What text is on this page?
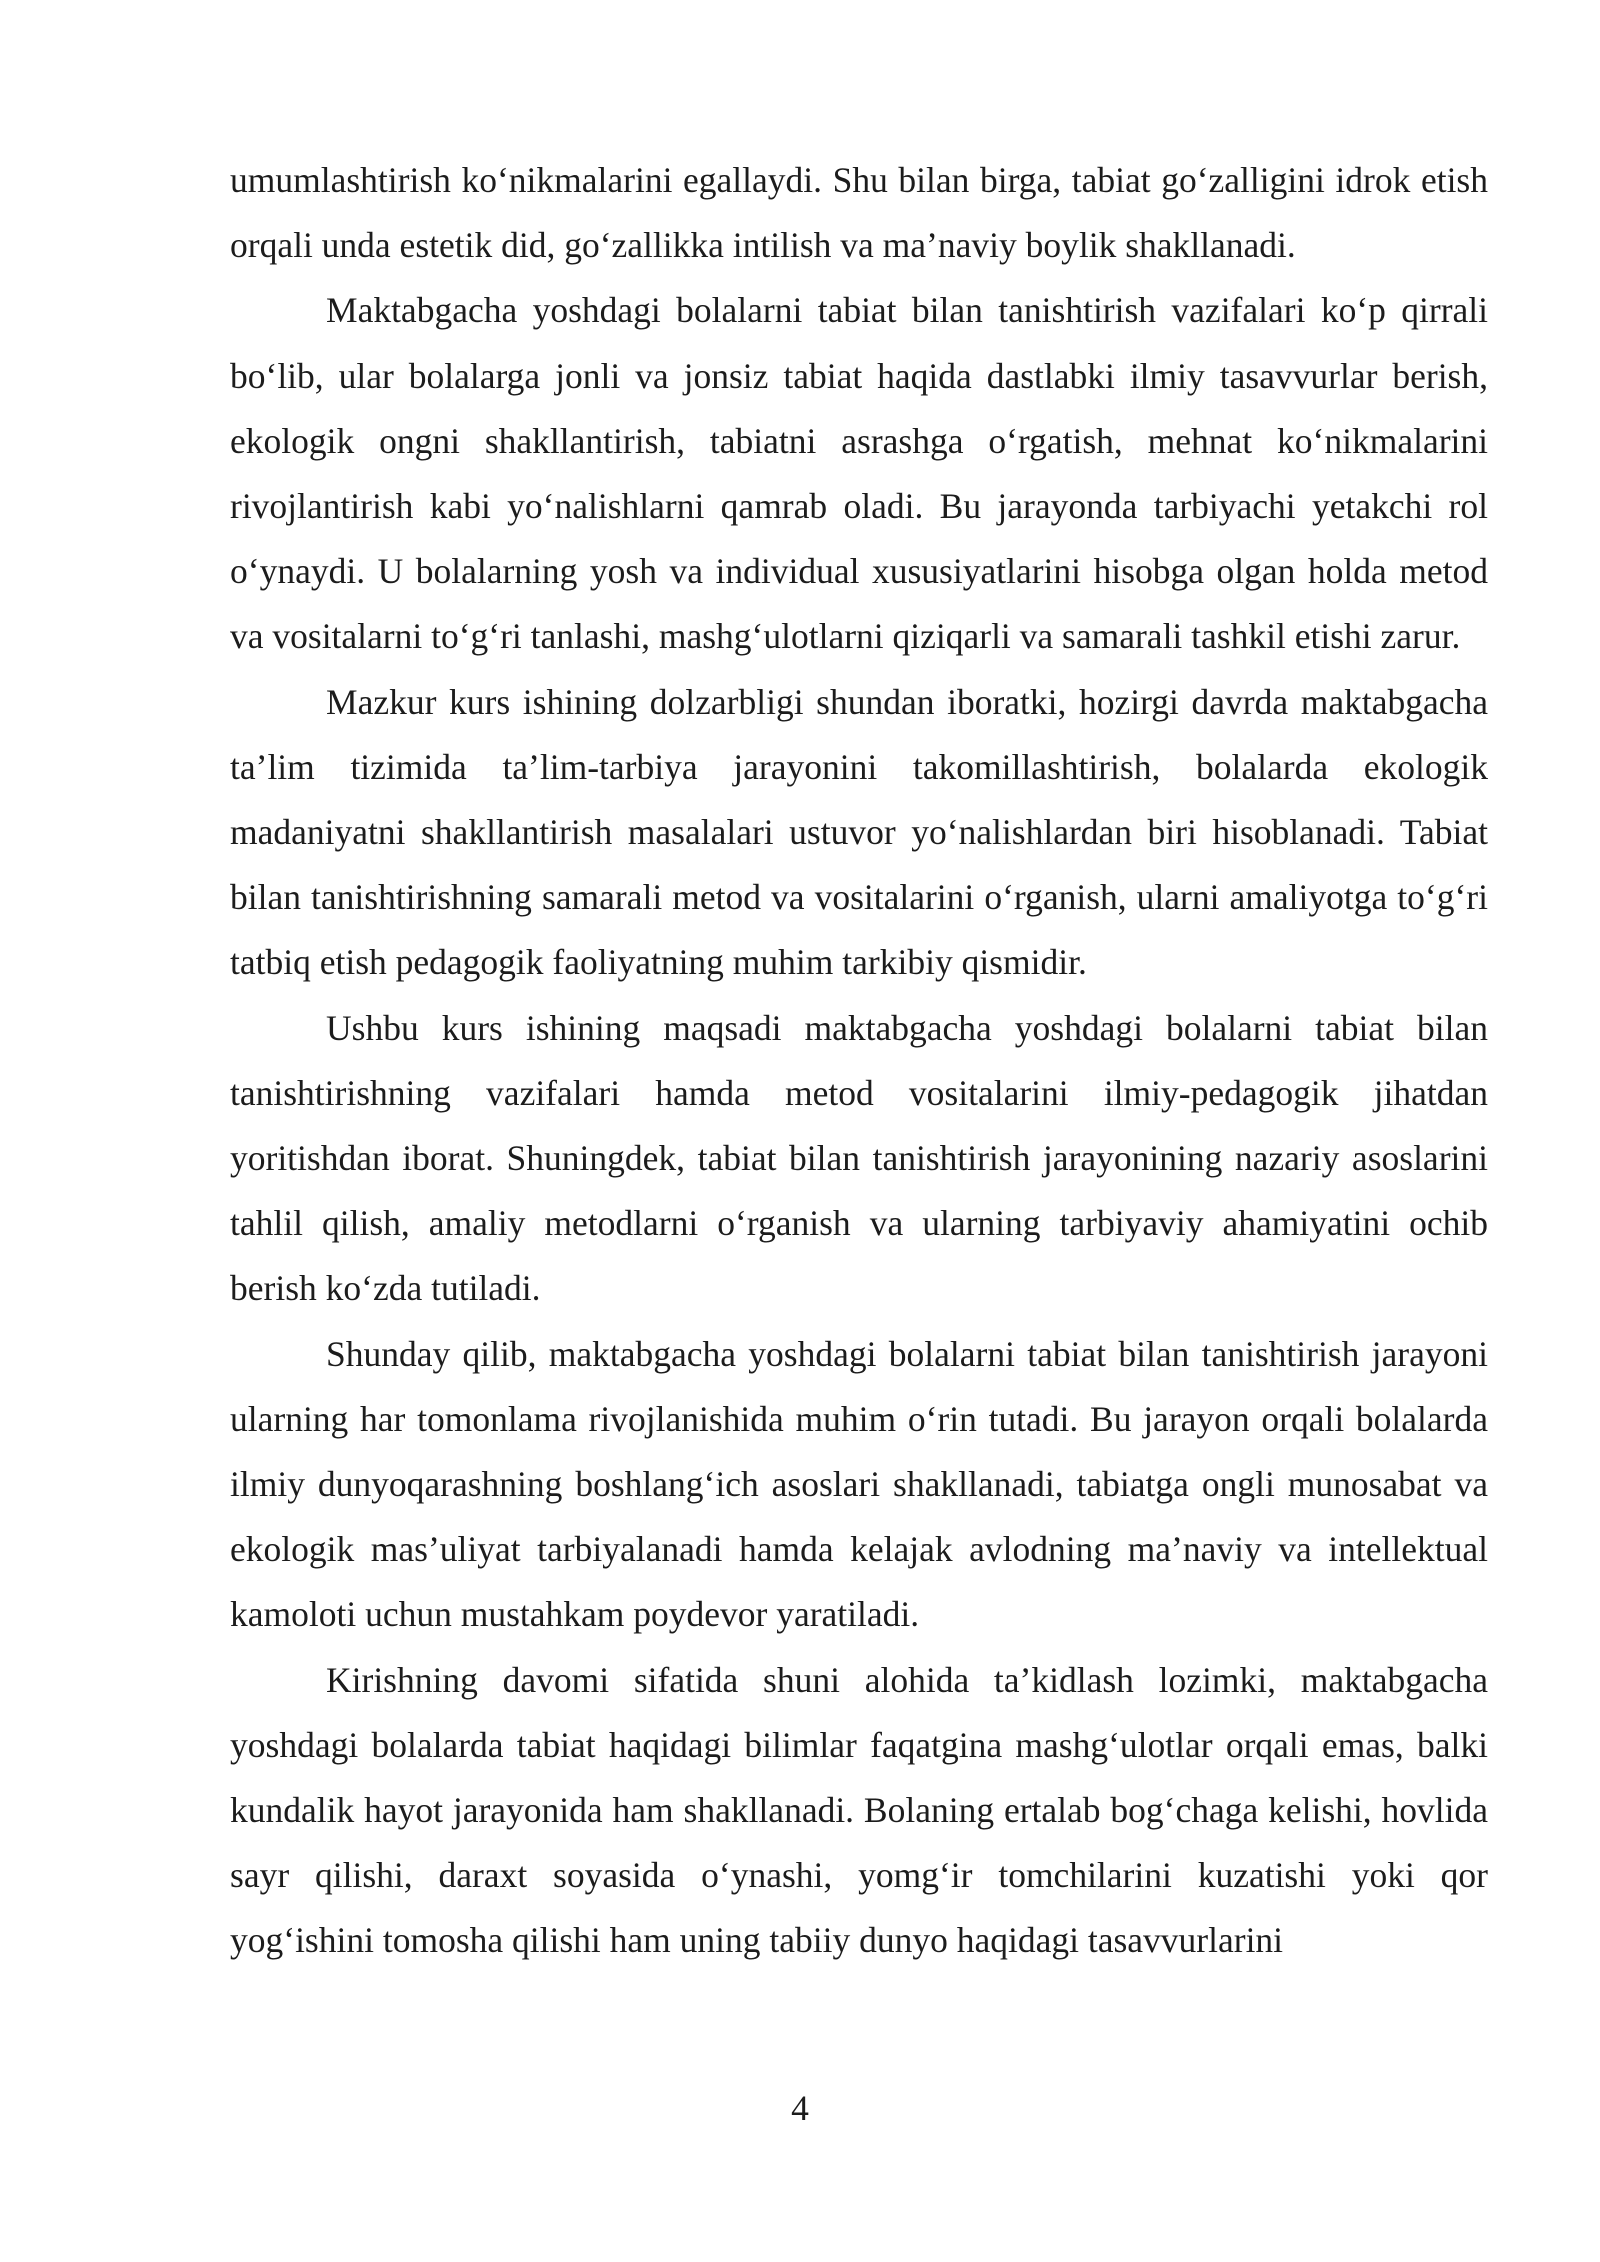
umumlashtirish ko‘nikmalarini egallaydi. Shu bilan birga, tabiat go‘zalligini idrok etish orqali unda estetik did, go‘zallikka intilish va ma’naviy boylik shakllanadi.

Maktabgacha yoshdagi bolalarni tabiat bilan tanishtirish vazifalari ko‘p qirrali bo‘lib, ular bolalarga jonli va jonsiz tabiat haqida dastlabki ilmiy tasavvurlar berish, ekologik ongni shakllantirish, tabiatni asrashga o‘rgatish, mehnat ko‘nikmalarini rivojlantirish kabi yo‘nalishlarni qamrab oladi. Bu jarayonda tarbiyachi yetakchi rol o‘ynaydi. U bolalarning yosh va individual xususiyatlarini hisobga olgan holda metod va vositalarni to‘g‘ri tanlashi, mashg‘ulotlarni qiziqarli va samarali tashkil etishi zarur.

Mazkur kurs ishining dolzarbligi shundan iboratki, hozirgi davrda maktabgacha ta’lim tizimida ta’lim-tarbiya jarayonini takomillashtirish, bolalarda ekologik madaniyatni shakllantirish masalalari ustuvor yo‘nalishlardan biri hisoblanadi. Tabiat bilan tanishtirishning samarali metod va vositalarini o‘rganish, ularni amaliyotga to‘g‘ri tatbiq etish pedagogik faoliyatning muhim tarkibiy qismidir.

Ushbu kurs ishining maqsadi maktabgacha yoshdagi bolalarni tabiat bilan tanishtirishning vazifalari hamda metod vositalarini ilmiy-pedagogik jihatdan yoritishdan iborat. Shuningdek, tabiat bilan tanishtirish jarayonining nazariy asoslarini tahlil qilish, amaliy metodlarni o‘rganish va ularning tarbiyaviy ahamiyatini ochib berish ko‘zda tutiladi.

Shunday qilib, maktabgacha yoshdagi bolalarni tabiat bilan tanishtirish jarayoni ularning har tomonlama rivojlanishida muhim o‘rin tutadi. Bu jarayon orqali bolalarda ilmiy dunyoqarashning boshlang‘ich asoslari shakllanadi, tabiatga ongli munosabat va ekologik mas’uliyat tarbiyalanadi hamda kelajak avlodning ma’naviy va intellektual kamoloti uchun mustahkam poydevor yaratiladi.

Kirishning davomi sifatida shuni alohida ta’kidlash lozimki, maktabgacha yoshdagi bolalarda tabiat haqidagi bilimlar faqatgina mashg‘ulotlar orqali emas, balki kundalik hayot jarayonida ham shakllanadi. Bolaning ertalab bog‘chaga kelishi, hovlida sayr qilishi, daraxt soyasida o‘ynashi, yomg‘ir tomchilarini kuzatishi yoki qor yog‘ishini tomosha qilishi ham uning tabiiy dunyo haqidagi tasavvurlarini

4
